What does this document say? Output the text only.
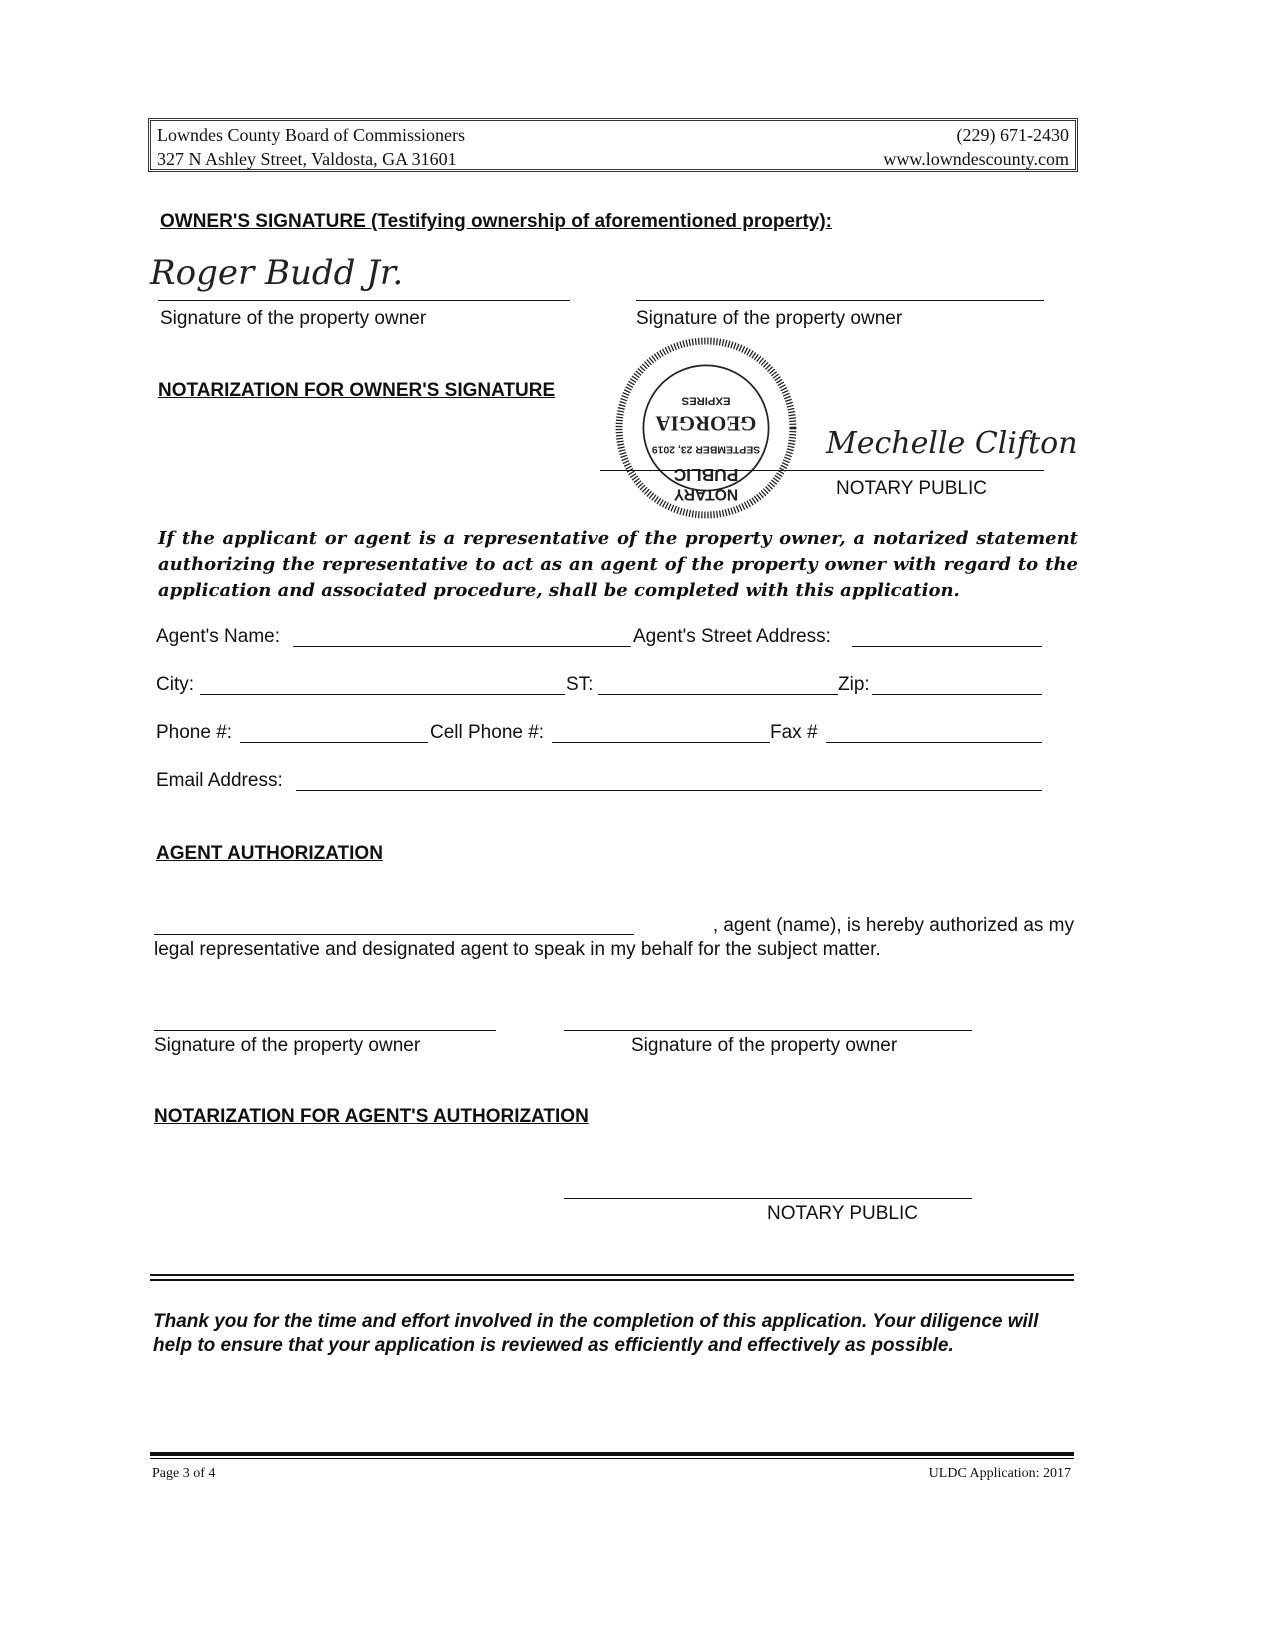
Lowndes County Board of Commissioners
327 N Ashley Street, Valdosta, GA 31601
(229) 671-2430
www.lowndescounty.com
OWNER'S SIGNATURE (Testifying ownership of aforementioned property):
Roger Budd Jr.
Signature of the property owner	Signature of the property owner
NOTARIZATION FOR OWNER'S SIGNATURE
PUBLIC
SEPTEMBER 23, 2019
GEORGIA
EXPIRES
NOTARY
Mechelle Clifton
NOTARY PUBLIC
If the applicant or agent is a representative of the property owner, a notarized statement authorizing the representative to act as an agent of the property owner with regard to the application and associated procedure, shall be completed with this application.
Agent's Name:	Agent's Street Address:
City:	ST:	Zip:
Phone #:	Cell Phone #:	Fax #
Email Address:
AGENT AUTHORIZATION
, agent (name), is hereby authorized as my
legal representative and designated agent to speak in my behalf for the subject matter.
Signature of the property owner	Signature of the property owner
NOTARIZATION FOR AGENT'S AUTHORIZATION
NOTARY PUBLIC
Thank you for the time and effort involved in the completion of this application. Your diligence will help to ensure that your application is reviewed as efficiently and effectively as possible.
Page 3 of 4	ULDC Application: 2017
